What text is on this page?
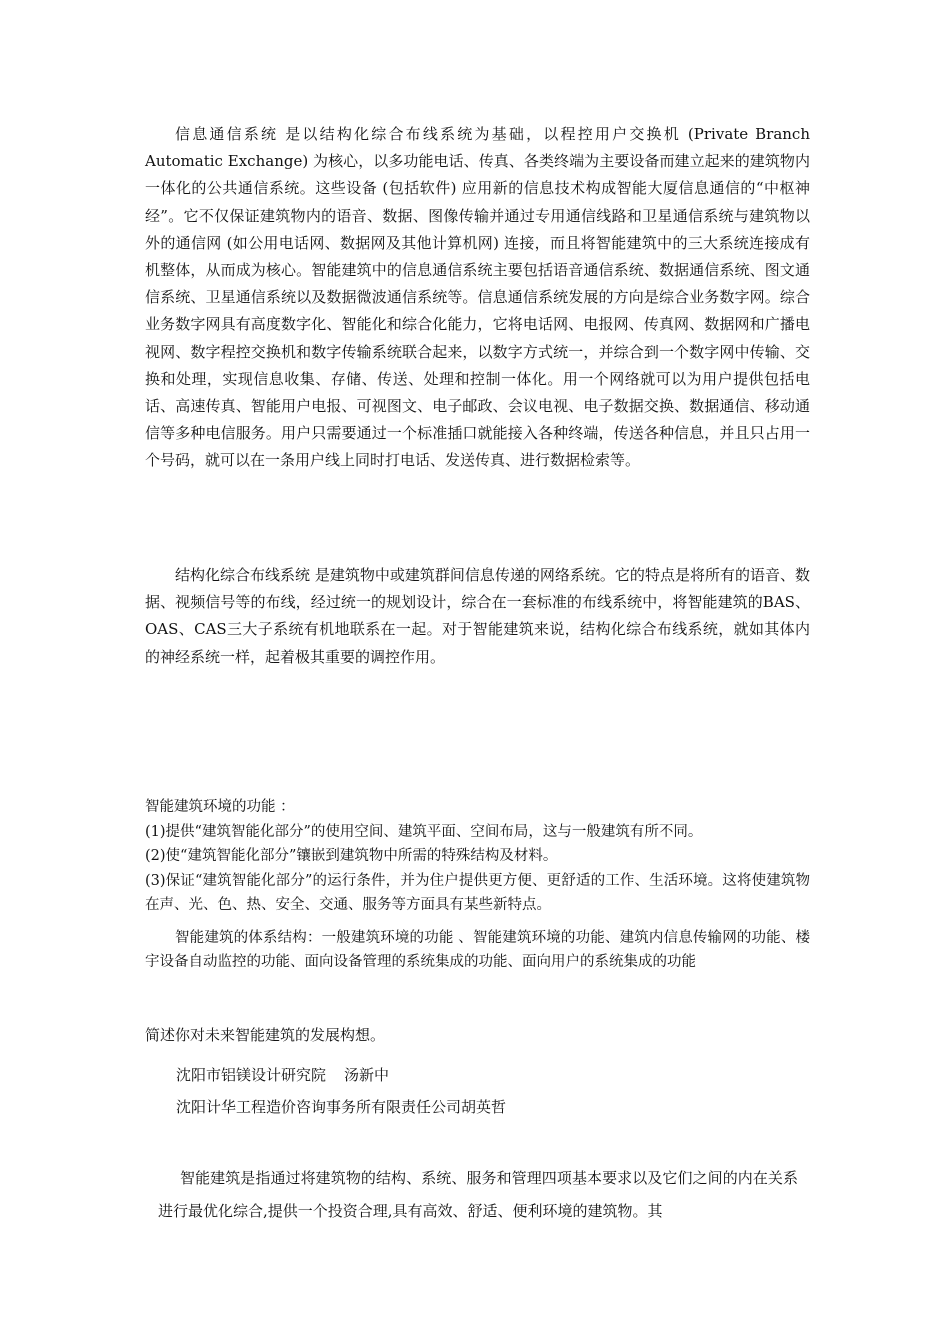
信息通信系统 是以结构化综合布线系统为基础，以程控用户交换机 (Private Branch Automatic Exchange) 为核心，以多功能电话、传真、各类终端为主要设备而建立起来的建筑物内一体化的公共通信系统。这些设备 (包括软件) 应用新的信息技术构成智能大厦信息通信的“中枢神经”。它不仅保证建筑物内的语音、数据、图像传输并通过专用通信线路和卫星通信系统与建筑物以外的通信网 (如公用电话网、数据网及其他计算机网) 连接，而且将智能建筑中的三大系统连接成有机整体，从而成为核心。智能建筑中的信息通信系统主要包括语音通信系统、数据通信系统、图文通信系统、卫星通信系统以及数据微波通信系统等。信息通信系统发展的方向是综合业务数字网。综合业务数字网具有高度数字化、智能化和综合化能力，它将电话网、电报网、传真网、数据网和广播电视网、数字程控交换机和数字传输系统联合起来，以数字方式统一，并综合到一个数字网中传输、交换和处理，实现信息收集、存储、传送、处理和控制一体化。用一个网络就可以为用户提供包括电话、高速传真、智能用户电报、可视图文、电子邮政、会议电视、电子数据交换、数据通信、移动通信等多种电信服务。用户只需要通过一个标准插口就能接入各种终端，传送各种信息，并且只占用一个号码，就可以在一条用户线上同时打电话、发送传真、进行数据检索等。

结构化综合布线系统 是建筑物中或建筑群间信息传递的网络系统。它的特点是将所有的语音、数据、视频信号等的布线，经过统一的规划设计，综合在一套标准的布线系统中，将智能建筑的BAS、OAS、CAS三大子系统有机地联系在一起。对于智能建筑来说，结构化综合布线系统，就如其体内的神经系统一样，起着极其重要的调控作用。

智能建筑环境的功能 ：

(1)提供“建筑智能化部分”的使用空间、建筑平面、空间布局，这与一般建筑有所不同。

(2)使“建筑智能化部分”镶嵌到建筑物中所需的特殊结构及材料。

(3)保证“建筑智能化部分”的运行条件，并为住户提供更方便、更舒适的工作、生活环境。这将使建筑物在声、光、色、热、安全、交通、服务等方面具有某些新特点。

智能建筑的体系结构：一般建筑环境的功能 、智能建筑环境的功能、建筑内信息传输网的功能、楼宇设备自动监控的功能、面向设备管理的系统集成的功能、面向用户的系统集成的功能

简述你对未来智能建筑的发展构想。

沈阳市铝镁设计研究院 汤新中

沈阳计华工程造价咨询事务所有限责任公司胡英哲

智能建筑是指通过将建筑物的结构、系统、服务和管理四项基本要求以及它们之间的内在关系进行最优化综合,提供一个投资合理,具有高效、舒适、便利环境的建筑物。其
